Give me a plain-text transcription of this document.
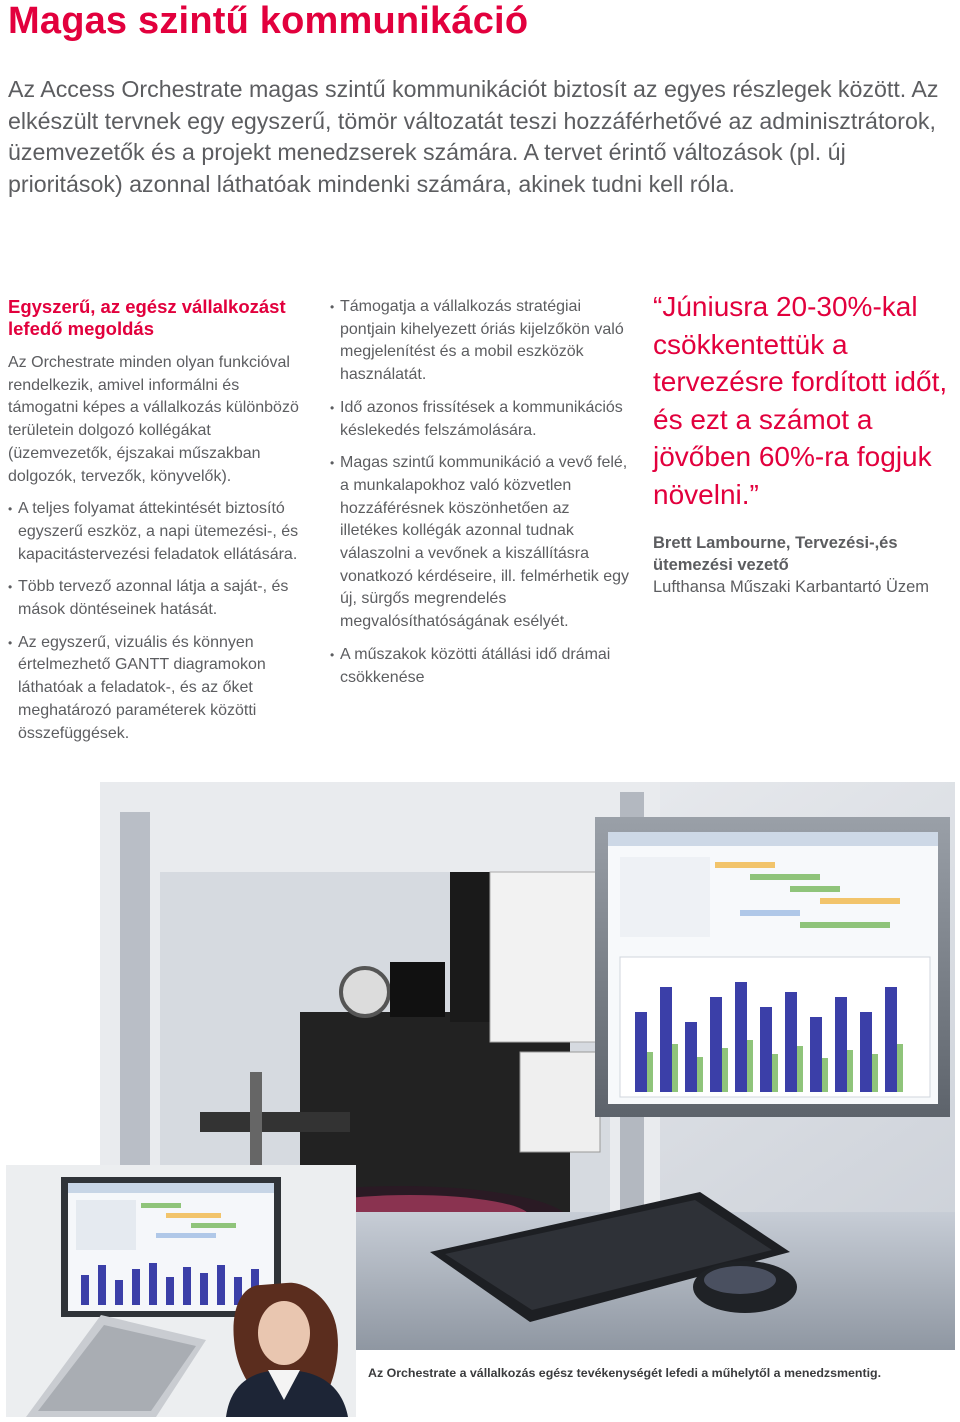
Magas szintű kommunikáció
Az Access Orchestrate magas szintű kommunikációt biztosít az egyes részlegek között. Az elkészült tervnek egy egyszerű, tömör változatát teszi hozzáférhetővé az adminisztrátorok, üzemvezetők és a projekt menedzserek számára. A tervet érintő változások (pl. új prioritások) azonnal láthatóak mindenki számára, akinek tudni kell róla.
Egyszerű, az egész vállalkozást lefedő megoldás
Az Orchestrate minden olyan funkcióval rendelkezik, amivel informálni és támogatni képes a vállalkozás különbözö területein dolgozó kollégákat (üzemvezetők, éjszakai műszakban dolgozók, tervezők, könyvelők).
• A teljes folyamat áttekintését biztosító egyszerű eszköz, a napi ütemezési-, és kapacitástervezési feladatok ellátására.
• Több tervező azonnal látja a saját-, és mások döntéseinek hatását.
• Az egyszerű, vizuális és könnyen értelmezhető GANTT diagramokon láthatóak a feladatok-, és az őket meghatározó paraméterek közötti összefüggések.
• Támogatja a vállalkozás stratégiai pontjain kihelyezett óriás kijelzőkön való megjelenítést és a mobil eszközök használatát.
• Idő azonos frissítések a kommunikációs késlekedés felszámolására.
• Magas szintű kommunikáció a vevő felé, a munkalapokhoz való közvetlen hozzáférésnek köszönhetően az illetékes kollégák azonnal tudnak válaszolni a vevőnek a kiszállításra vonatkozó kérdéseire, ill. felmérhetik egy új, sürgős megrendelés megvalósíthatóságának esélyét.
• A műszakok közötti átállási idő drámai csökkenése
“Júniusra 20-30%-kal csökkentettük a tervezésre fordított időt, és ezt a számot a jövőben 60%-ra fogjuk növelni.”
Brett Lambourne, Tervezési-,és ütemezési vezető
Lufthansa Műszaki Karbantartó Üzem
Az Orchestrate a vállalkozás egész tevékenységét lefedi a műhelytől a menedzsmentig.
